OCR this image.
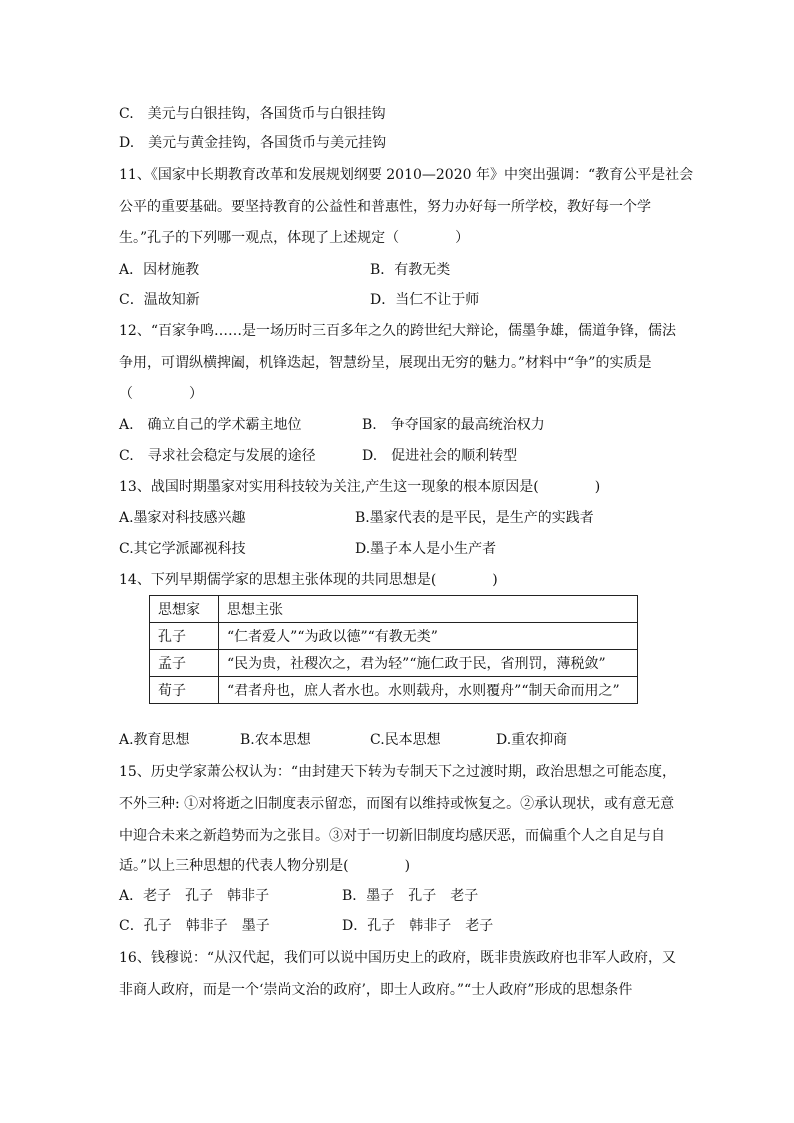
C.　美元与白银挂钩，各国货币与白银挂钩
D.　美元与黄金挂钩，各国货币与美元挂钩
11、《国家中长期教育改革和发展规划纲要 2010—2020 年》中突出强调：“教育公平是社会
公平的重要基础。要坚持教育的公益性和普惠性，努力办好每一所学校，教好每一个学
生。”孔子的下列哪一观点，体现了上述规定（　　　　）
A．因材施教	B．有教无类
C．温故知新	D．当仁不让于师
12、“百家争鸣……是一场历时三百多年之久的跨世纪大辩论，儒墨争雄，儒道争锋，儒法
争用，可谓纵横捭阖，机锋迭起，智慧纷呈，展现出无穷的魅力。”材料中“争”的实质是
（　　　　）
A.　确立自己的学术霸主地位	B.　争夺国家的最高统治权力
C.　寻求社会稳定与发展的途径	D.　促进社会的顺利转型
13、战国时期墨家对实用科技较为关注,产生这一现象的根本原因是(　　　　)
A.墨家对科技感兴趣	B.墨家代表的是平民，是生产的实践者
C.其它学派鄙视科技	D.墨子本人是小生产者
14、下列早期儒学家的思想主张体现的共同思想是(　　　　)
思想家	思想主张
孔子	“仁者爱人”“为政以德”“有教无类”
孟子	“民为贵，社稷次之，君为轻”“施仁政于民，省刑罚，薄税敛”
荀子	“君者舟也，庶人者水也。水则载舟，水则覆舟”“制天命而用之”
A.教育思想	B.农本思想	C.民本思想	D.重农抑商
15、历史学家萧公权认为：“由封建天下转为专制天下之过渡时期，政治思想之可能态度，
不外三种: ①对将逝之旧制度表示留恋，而图有以维持或恢复之。②承认现状，或有意无意
中迎合未来之新趋势而为之张目。③对于一切新旧制度均感厌恶，而偏重个人之自足与自
适。”以上三种思想的代表人物分别是(　　　　)
A．老子　孔子　韩非子	B．墨子　孔子　老子
C．孔子　韩非子　墨子	D．孔子　韩非子　老子
16、钱穆说：“从汉代起，我们可以说中国历史上的政府，既非贵族政府也非军人政府，又
非商人政府，而是一个‘崇尚文治的政府’，即士人政府。”“士人政府”形成的思想条件
